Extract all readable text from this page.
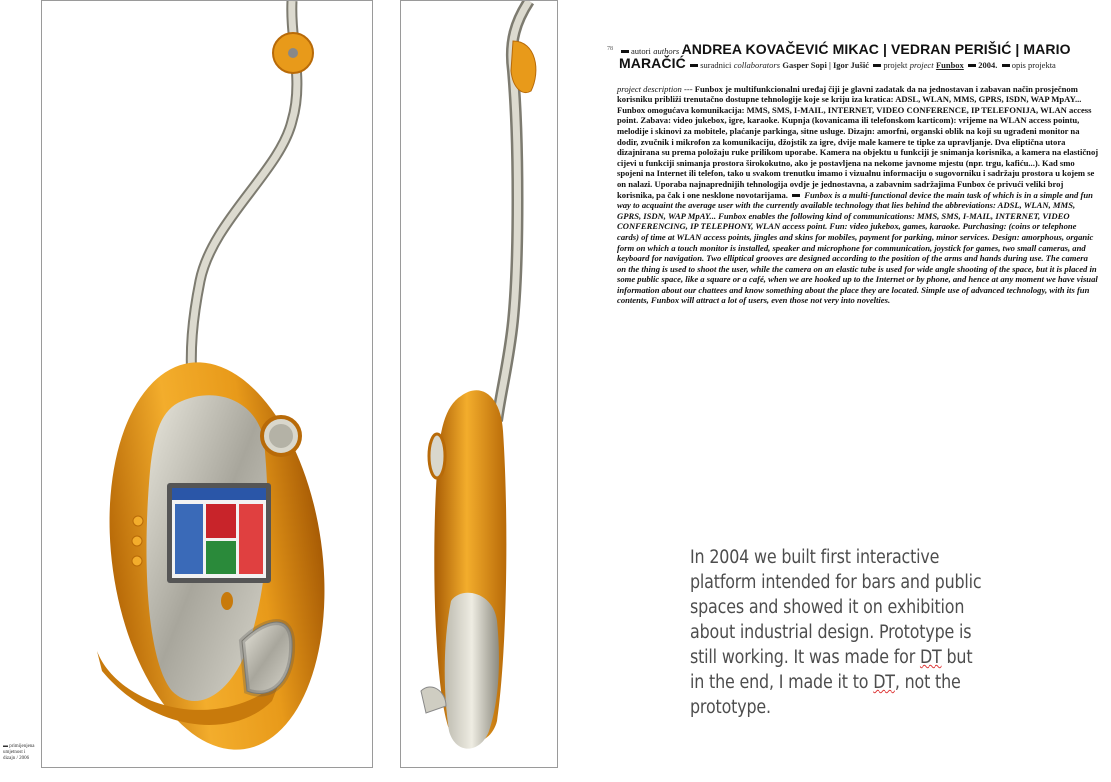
▬ primijenjena
umjetnost i
dizajn / 2006
78	autori authors ANDREA KOVAČEVIĆ MIKAC | VEDRAN PERIŠIĆ | MARIO
MARAČIĆ suradnici collaborators Gasper Sopi | Igor Jušić projekt project Funbox 2004. opis projekta

project description --- Funbox je multifunkcionalni uređaj čiji je glavni zadatak da na jednostavan i zabavan način prosječnom korisniku približi trenutačno dostupne tehnologije koje se kriju iza kratica: ADSL, WLAN, MMS, GPRS, ISDN, WAP MpAY... Funbox omogućava komunikacija: MMS, SMS, I-MAIL, INTERNET, VIDEO CONFERENCE, IP TELEFONIJA, WLAN access point. Zabava: video jukebox, igre, karaoke. Kupnja (kovanicama ili telefonskom karticom): vrijeme na WLAN access pointu, melodije i skinovi za mobitele, plaćanje parkinga, sitne usluge. Dizajn: amorfni, organski oblik na koji su ugrađeni monitor na dodir, zvučnik i mikrofon za komunikaciju, džojstik za igre, dvije male kamere te tipke za upravljanje. Dva eliptična utora dizajnirana su prema položaju ruke prilikom uporabe. Kamera na objektu u funkciji je snimanja korisnika, a kamera na elastičnoj cijevi u funkciji snimanja prostora širokokutno, ako je postavljena na nekome javnome mjestu (npr. trgu, kafiću...). Kad smo spojeni na Internet ili telefon, tako u svakom trenutku imamo i vizualnu informaciju o sugovorniku i sadržaju prostora u kojem se on nalazi. Uporaba najnaprednijih tehnologija ovdje je jednostavna, a zabavnim sadržajima Funbox će privući veliki broj korisnika, pa čak i one nesklone novotarijama. Funbox is a multi-functional device the main task of which is in a simple and fun way to acquaint the average user with the currently available technology that lies behind the abbreviations: ADSL, WLAN, MMS, GPRS, ISDN, WAP MpAY... Funbox enables the following kind of communications: MMS, SMS, I-MAIL, INTERNET, VIDEO CONFERENCING, IP TELEPHONY, WLAN access point. Fun: video jukebox, games, karaoke. Purchasing: (coins or telephone cards) of time at WLAN access points, jingles and skins for mobiles, payment for parking, minor services. Design: amorphous, organic form on which a touch monitor is installed, speaker and microphone for communication, joystick for games, two small cameras, and keyboard for navigation. Two elliptical grooves are designed according to the position of the arms and hands during use. The camera on the thing is used to shoot the user, while the camera on an elastic tube is used for wide angle shooting of the space, but it is placed in some public space, like a square or a café, when we are hooked up to the Internet or by phone, and hence at any moment we have visual information about our chattees and know something about the place they are located. Simple use of advanced technology, with its fun contents, Funbox will attract a lot of users, even those not very into novelties.
In 2004 we built first interactive platform intended for bars and public spaces and showed it on exhibition about industrial design. Prototype is still working. It was made for DT but in the end, I made it to DT, not the prototype.
